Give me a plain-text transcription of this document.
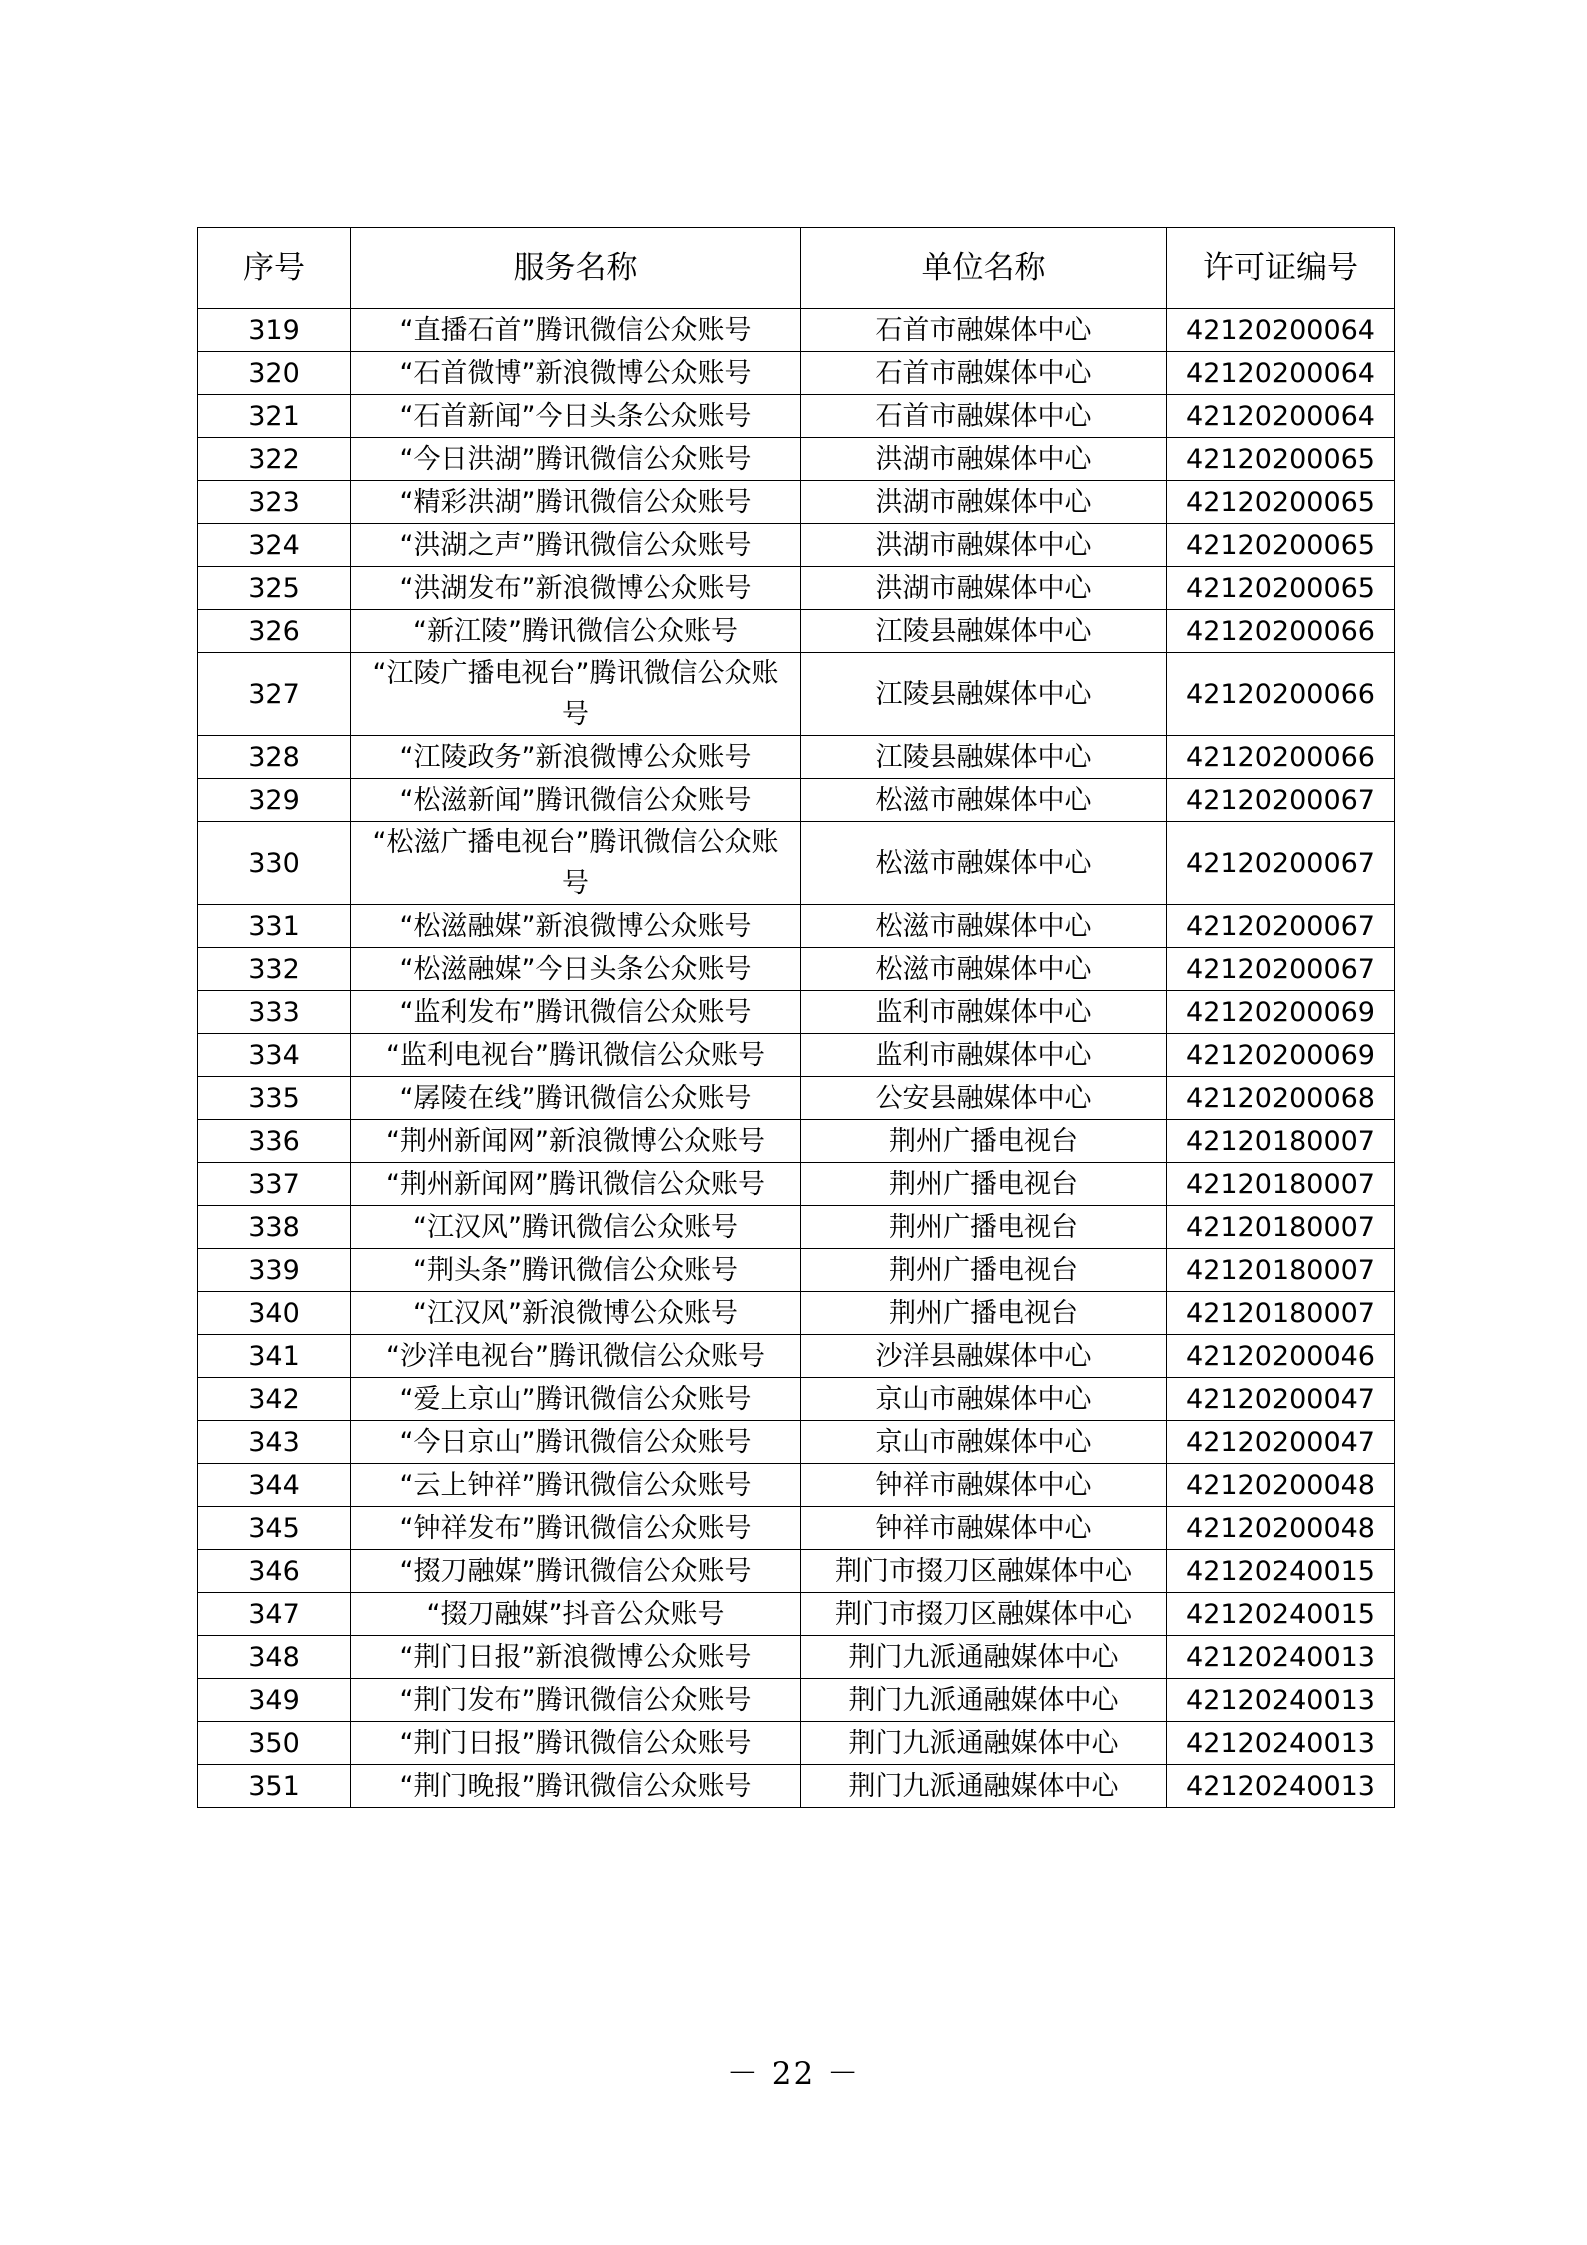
序号	服务名称	单位名称	许可证编号
319	“直播石首”腾讯微信公众账号	石首市融媒体中心	42120200064
320	“石首微博”新浪微博公众账号	石首市融媒体中心	42120200064
321	“石首新闻”今日头条公众账号	石首市融媒体中心	42120200064
322	“今日洪湖”腾讯微信公众账号	洪湖市融媒体中心	42120200065
323	“精彩洪湖”腾讯微信公众账号	洪湖市融媒体中心	42120200065
324	“洪湖之声”腾讯微信公众账号	洪湖市融媒体中心	42120200065
325	“洪湖发布”新浪微博公众账号	洪湖市融媒体中心	42120200065
326	“新江陵”腾讯微信公众账号	江陵县融媒体中心	42120200066
327	“江陵广播电视台”腾讯微信公众账号	江陵县融媒体中心	42120200066
328	“江陵政务”新浪微博公众账号	江陵县融媒体中心	42120200066
329	“松滋新闻”腾讯微信公众账号	松滋市融媒体中心	42120200067
330	“松滋广播电视台”腾讯微信公众账号	松滋市融媒体中心	42120200067
331	“松滋融媒”新浪微博公众账号	松滋市融媒体中心	42120200067
332	“松滋融媒”今日头条公众账号	松滋市融媒体中心	42120200067
333	“监利发布”腾讯微信公众账号	监利市融媒体中心	42120200069
334	“监利电视台”腾讯微信公众账号	监利市融媒体中心	42120200069
335	“孱陵在线”腾讯微信公众账号	公安县融媒体中心	42120200068
336	“荆州新闻网”新浪微博公众账号	荆州广播电视台	42120180007
337	“荆州新闻网”腾讯微信公众账号	荆州广播电视台	42120180007
338	“江汉风”腾讯微信公众账号	荆州广播电视台	42120180007
339	“荆头条”腾讯微信公众账号	荆州广播电视台	42120180007
340	“江汉风”新浪微博公众账号	荆州广播电视台	42120180007
341	“沙洋电视台”腾讯微信公众账号	沙洋县融媒体中心	42120200046
342	“爱上京山”腾讯微信公众账号	京山市融媒体中心	42120200047
343	“今日京山”腾讯微信公众账号	京山市融媒体中心	42120200047
344	“云上钟祥”腾讯微信公众账号	钟祥市融媒体中心	42120200048
345	“钟祥发布”腾讯微信公众账号	钟祥市融媒体中心	42120200048
346	“掇刀融媒”腾讯微信公众账号	荆门市掇刀区融媒体中心	42120240015
347	“掇刀融媒”抖音公众账号	荆门市掇刀区融媒体中心	42120240015
348	“荆门日报”新浪微博公众账号	荆门九派通融媒体中心	42120240013
349	“荆门发布”腾讯微信公众账号	荆门九派通融媒体中心	42120240013
350	“荆门日报”腾讯微信公众账号	荆门九派通融媒体中心	42120240013
351	“荆门晚报”腾讯微信公众账号	荆门九派通融媒体中心	42120240013
－ 22 －
